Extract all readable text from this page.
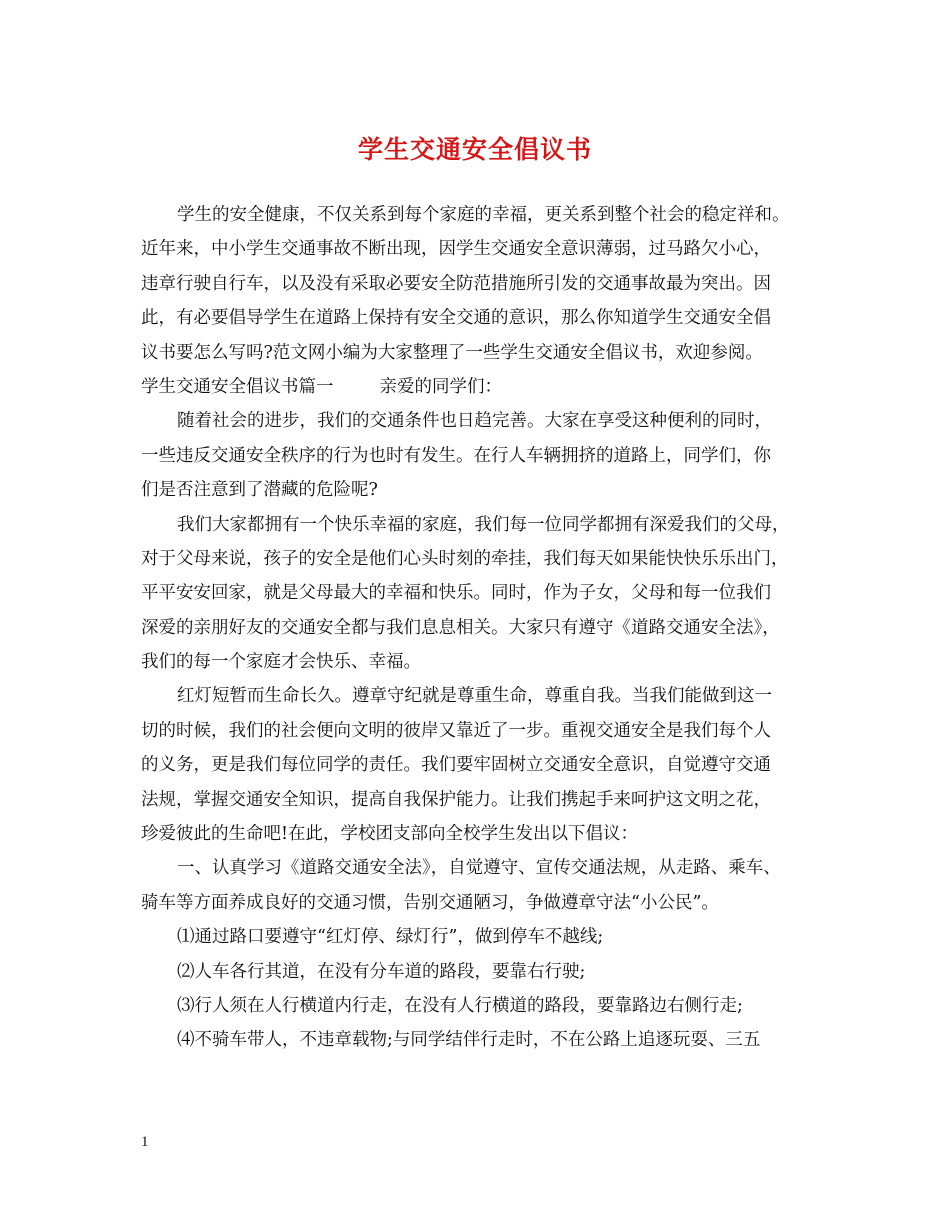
学生交通安全倡议书
学生的安全健康，不仅关系到每个家庭的幸福，更关系到整个社会的稳定祥和。
近年来，中小学生交通事故不断出现，因学生交通安全意识薄弱，过马路欠小心，
违章行驶自行车，以及没有采取必要安全防范措施所引发的交通事故最为突出。因
此，有必要倡导学生在道路上保持有安全交通的意识，那么你知道学生交通安全倡
议书要怎么写吗?范文网小编为大家整理了一些学生交通安全倡议书，欢迎参阅。
学生交通安全倡议书篇一	亲爱的同学们：
随着社会的进步，我们的交通条件也日趋完善。大家在享受这种便利的同时，
一些违反交通安全秩序的行为也时有发生。在行人车辆拥挤的道路上，同学们，你
们是否注意到了潜藏的危险呢?
我们大家都拥有一个快乐幸福的家庭，我们每一位同学都拥有深爱我们的父母，
对于父母来说，孩子的安全是他们心头时刻的牵挂，我们每天如果能快快乐乐出门，
平平安安回家，就是父母最大的幸福和快乐。同时，作为子女，父母和每一位我们
深爱的亲朋好友的交通安全都与我们息息相关。大家只有遵守《道路交通安全法》，
我们的每一个家庭才会快乐、幸福。
红灯短暂而生命长久。遵章守纪就是尊重生命，尊重自我。当我们能做到这一
切的时候，我们的社会便向文明的彼岸又靠近了一步。重视交通安全是我们每个人
的义务，更是我们每位同学的责任。我们要牢固树立交通安全意识，自觉遵守交通
法规，掌握交通安全知识，提高自我保护能力。让我们携起手来呵护这文明之花，
珍爱彼此的生命吧!在此，学校团支部向全校学生发出以下倡议：
一、认真学习《道路交通安全法》，自觉遵守、宣传交通法规，从走路、乘车、
骑车等方面养成良好的交通习惯，告别交通陋习，争做遵章守法“小公民”。
⑴通过路口要遵守“红灯停、绿灯行”，做到停车不越线;
⑵人车各行其道，在没有分车道的路段，要靠右行驶;
⑶行人须在人行横道内行走，在没有人行横道的路段，要靠路边右侧行走;
⑷不骑车带人，不违章载物;与同学结伴行走时，不在公路上追逐玩耍、三五
1
